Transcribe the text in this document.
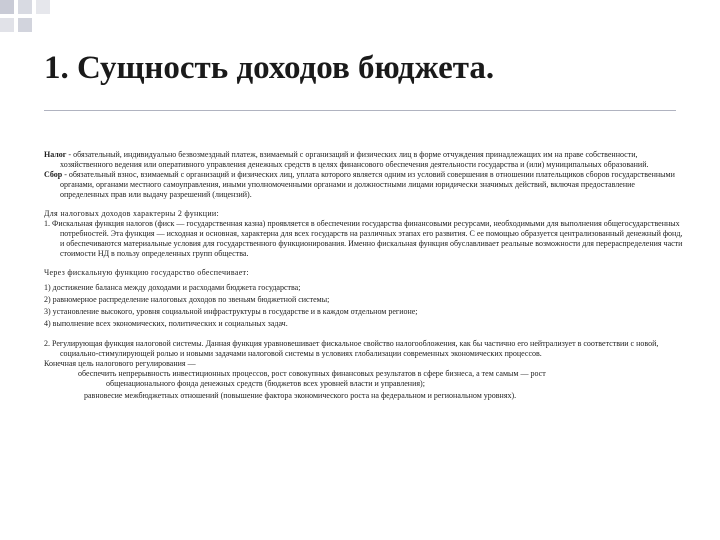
1. Сущность доходов бюджета.

Налог - обязательный, индивидуально безвозмездный платеж, взимаемый с организаций и физических лиц в форме отчуждения принадлежащих им на праве собственности, хозяйственного ведения или оперативного управления денежных средств в целях финансового обеспечения деятельности государства и (или) муниципальных образований.

Сбор - обязательный взнос, взимаемый с организаций и физических лиц, уплата которого является одним из условий совершения в отношении плательщиков сборов государственными органами, органами местного самоуправления, иными уполномоченными органами и должностными лицами юридически значимых действий, включая предоставление определенных прав или выдачу разрешений (лицензий).

Для налоговых доходов характерны 2 функции:

1. Фискальная функция налогов (фиск — государственная казна) проявляется в обеспечении государства финансовыми ресурсами, необходимыми для выполнения общегосударственных потребностей. Эта функция — исходная и основная, характерна для всех государств на различных этапах его развития. С ее помощью образуется централизованный денежный фонд, и обеспечиваются материальные условия для государственного функционирования. Именно фискальная функция обуславливает реальные возможности для перераспределения части стоимости НД в пользу определенных групп общества.

Через фискальную функцию государство обеспечивает:

1) достижение баланса между доходами и расходами бюджета государства;

2) равномерное распределение налоговых доходов по звеньям бюджетной системы;

3) установление высокого, уровня социальной инфраструктуры в государстве и в каждом отдельном регионе;

4) выполнение всех экономических, политических и социальных задач.

2. Регулирующая функция налоговой системы. Данная функция уравновешивает фискальное свойство налогообложения, как бы частично его нейтрализует в соответствии с новой, социально-стимулирующей ролью и новыми задачами налоговой системы в условиях глобализации современных экономических процессов.

Конечная цель налогового регулирования —

обеспечить непрерывность инвестиционных процессов, рост совокупных финансовых результатов в сфере бизнеса, а тем самым — рост

общенационального фонда денежных средств (бюджетов всех уровней власти и управления);

равновесие межбюджетных отношений (повышение фактора экономического роста на федеральном и региональном уровнях).
